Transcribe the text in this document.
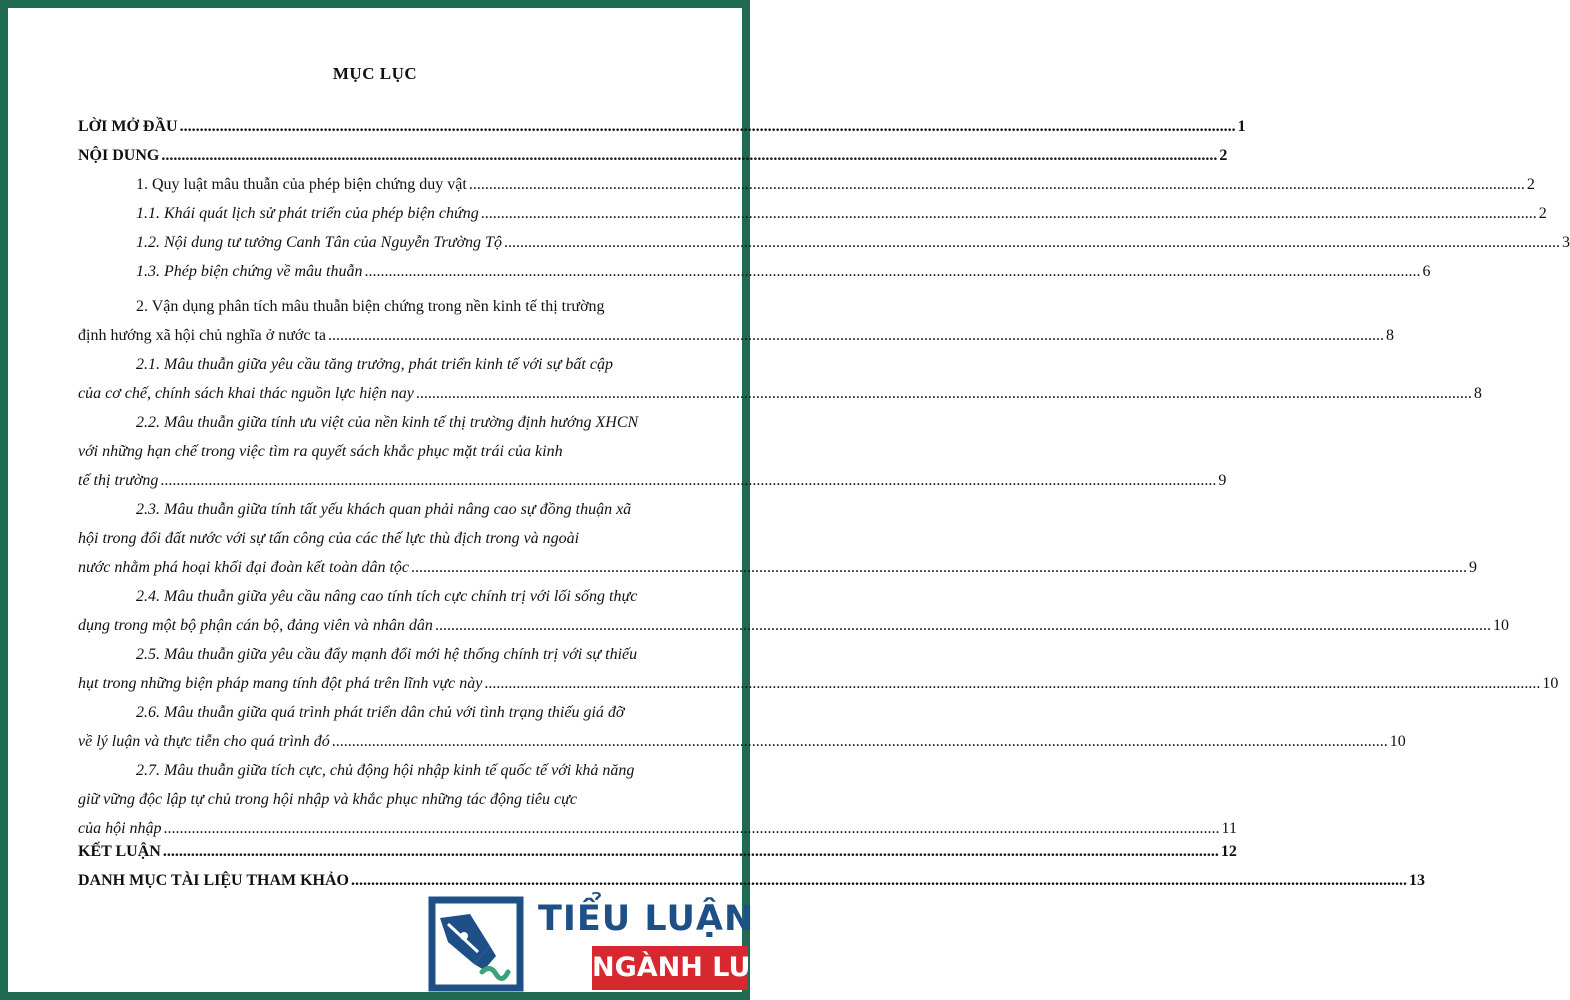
MỤC LỤC
LỜI MỞ ĐẦU .....	1
NỘI DUNG .....	2
1. Quy luật mâu thuẫn của phép biện chứng duy vật .....	2
1.1. Khái quát lịch sử phát triển của phép biện chứng .....	2
1.2. Nội dung tư tưởng Canh Tân của Nguyễn Trường Tộ .....	3
1.3. Phép biện chứng về mâu thuẫn .....	6
2. Vận dụng phân tích mâu thuẫn biện chứng trong nền kinh tế thị trường
định hướng xã hội chủ nghĩa ở nước ta .....	8
2.1. Mâu thuẫn giữa yêu cầu tăng trưởng, phát triển kinh tế với sự bất cập
của cơ chế, chính sách khai thác nguồn lực hiện nay .....	8
2.2. Mâu thuẫn giữa tính ưu việt của nền kinh tế thị trường định hướng XHCN
với những hạn chế trong việc tìm ra quyết sách khắc phục mặt trái của kinh
tế thị trường .....	9
2.3. Mâu thuẫn giữa tính tất yếu khách quan phải nâng cao sự đồng thuận xã
hội trong đổi đất nước với sự tấn công của các thế lực thù địch trong và ngoài
nước nhằm phá hoại khối đại đoàn kết toàn dân tộc .....	9
2.4. Mâu thuẫn giữa yêu cầu nâng cao tính tích cực chính trị với lối sống thực
dụng trong một bộ phận cán bộ, đảng viên và nhân dân .....	10
2.5. Mâu thuẫn giữa yêu cầu đẩy mạnh đổi mới hệ thống chính trị với sự thiếu
hụt trong những biện pháp mang tính đột phá trên lĩnh vực này .....	10
2.6. Mâu thuẫn giữa quá trình phát triển dân chủ với tình trạng thiếu giá đỡ
về lý luận và thực tiễn cho quá trình đó .....	10
2.7. Mâu thuẫn giữa tích cực, chủ động hội nhập kinh tế quốc tế với khả năng
giữ vững độc lập tự chủ trong hội nhập và khắc phục những tác động tiêu cực
của hội nhập .....	11
KẾT LUẬN .....	12
DANH MỤC TÀI LIỆU THAM KHẢO .....	13
TIỂU LUẬN
NGÀNH LUẬT
